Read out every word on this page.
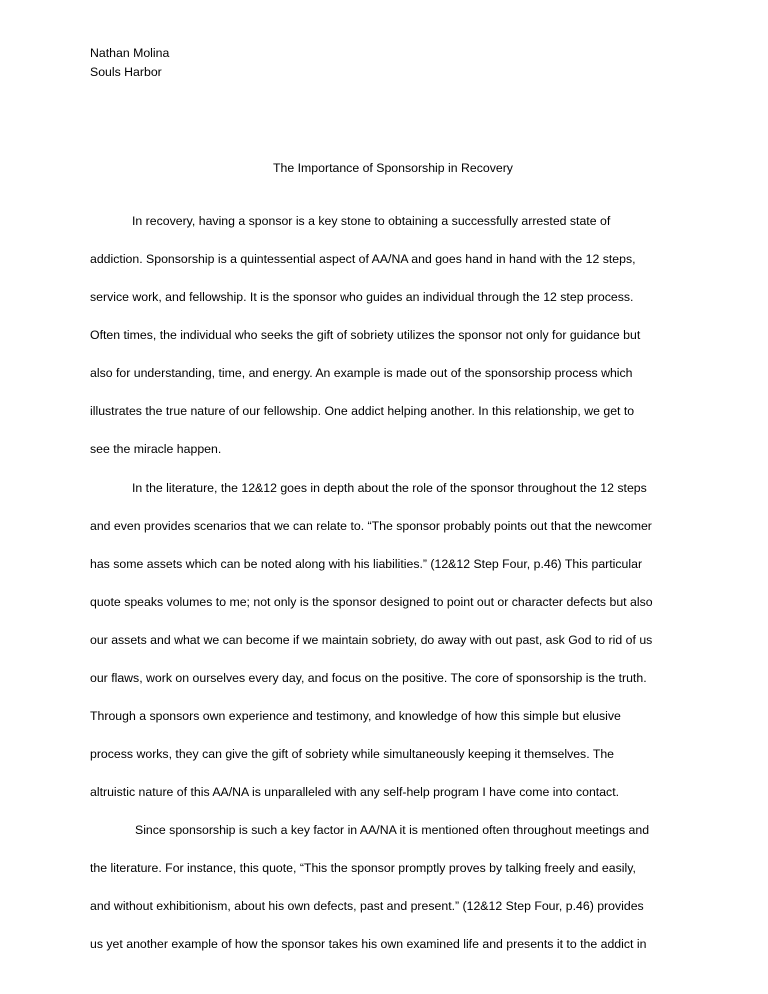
Nathan Molina

Souls Harbor

The Importance of Sponsorship in Recovery

In recovery, having a sponsor is a key stone to obtaining a successfully arrested state of

addiction. Sponsorship is a quintessential aspect of AA/NA and goes hand in hand with the 12 steps,

service work, and fellowship. It is the sponsor who guides an individual through the 12 step process.

Often times, the individual who seeks the gift of sobriety utilizes the sponsor not only for guidance but

also for understanding, time, and energy. An example is made out of the sponsorship process which

illustrates the true nature of our fellowship. One addict helping another. In this relationship, we get to

see the miracle happen.

In the literature, the 12&12 goes in depth about the role of the sponsor throughout the 12 steps

and even provides scenarios that we can relate to. “The sponsor probably points out that the newcomer

has some assets which can be noted along with his liabilities.” (12&12 Step Four, p.46) This particular

quote speaks volumes to me; not only is the sponsor designed to point out or character defects but also

our assets and what we can become if we maintain sobriety, do away with out past, ask God to rid of us

our flaws, work on ourselves every day, and focus on the positive. The core of sponsorship is the truth.

Through a sponsors own experience and testimony, and knowledge of how this simple but elusive

process works, they can give the gift of sobriety while simultaneously keeping it themselves. The

altruistic nature of this AA/NA is unparalleled with any self-help program I have come into contact.

Since sponsorship is such a key factor in AA/NA it is mentioned often throughout meetings and

the literature. For instance, this quote, “This the sponsor promptly proves by talking freely and easily,

and without exhibitionism, about his own defects, past and present.” (12&12 Step Four, p.46) provides

us yet another example of how the sponsor takes his own examined life and presents it to the addict in
